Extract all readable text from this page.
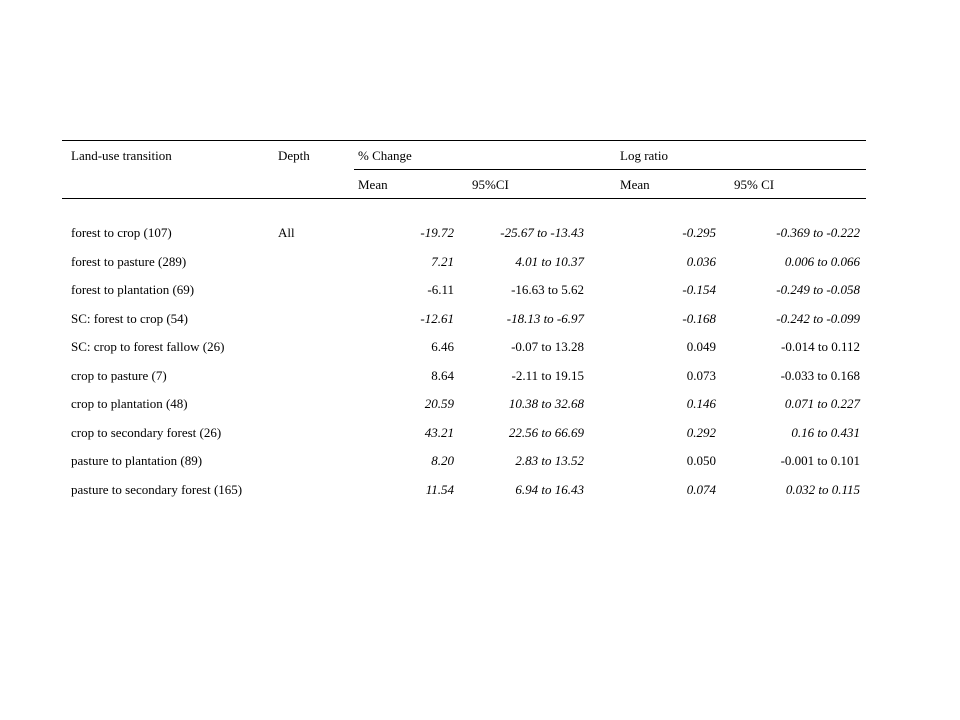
Land-use transition	Depth	% Change		Log ratio	
		Mean	95%CI	Mean	95% CI

forest to crop (107)	All	-19.72	-25.67 to -13.43	-0.295	-0.369 to -0.222
forest to pasture (289)		7.21	4.01 to 10.37	0.036	0.006 to 0.066
forest to plantation (69)		-6.11	-16.63 to 5.62	-0.154	-0.249 to -0.058
SC: forest to crop (54)		-12.61	-18.13 to -6.97	-0.168	-0.242 to -0.099
SC: crop to forest fallow (26)		6.46	-0.07 to 13.28	0.049	-0.014 to 0.112
crop to pasture (7)		8.64	-2.11 to 19.15	0.073	-0.033 to 0.168
crop to plantation (48)		20.59	10.38 to 32.68	0.146	0.071 to 0.227
crop to secondary forest (26)		43.21	22.56 to 66.69	0.292	0.16 to 0.431
pasture to plantation (89)		8.20	2.83 to 13.52	0.050	-0.001 to 0.101
pasture to secondary forest (165)		11.54	6.94 to 16.43	0.074	0.032 to 0.115
